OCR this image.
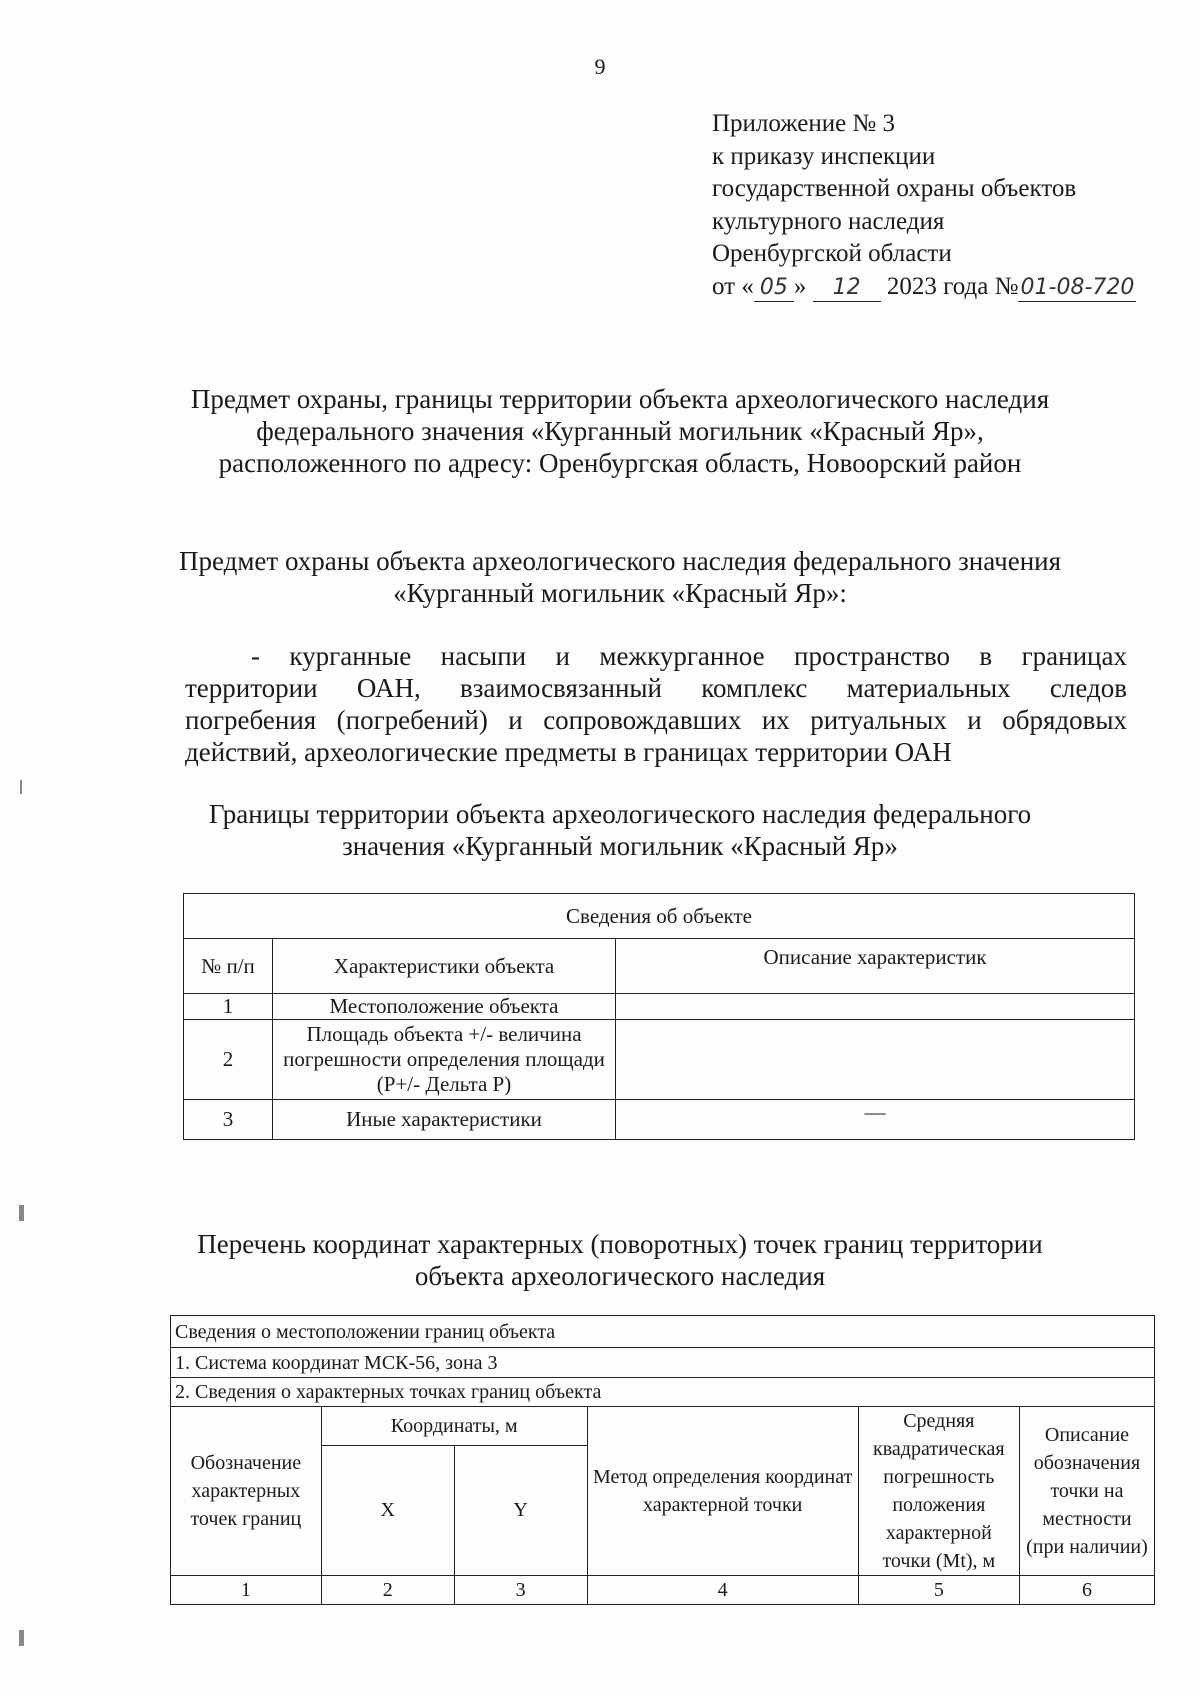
9
Приложение № 3
к приказу инспекции
государственной охраны объектов
культурного наследия
Оренбургской области
от « 05 » 12 2023 года №01-08-720
Предмет охраны, границы территории объекта археологического наследия
федерального значения «Курганный могильник «Красный Яр»,
расположенного по адресу: Оренбургская область, Новоорский район
Предмет охраны объекта археологического наследия федерального значения
«Курганный могильник «Красный Яр»:
- курганные насыпи и межкурганное пространство в границах
территории ОАН, взаимосвязанный комплекс материальных следов
погребения (погребений) и сопровождавших их ритуальных и обрядовых
действий, археологические предметы в границах территории ОАН
Границы территории объекта археологического наследия федерального
значения «Курганный могильник «Красный Яр»
Сведения об объекте		
№ п/п	Характеристики объекта	Описание характеристик
1	Местоположение объекта	
2	Площадь объекта +/- величина погрешности определения площади (P+/- Дельта P)	
3	Иные характеристики	—
Перечень координат характерных (поворотных) точек границ территории
объекта археологического наследия
Сведения о местоположении границ объекта					
1. Система координат МСК-56, зона 3					
2. Сведения о характерных точках границ объекта					
Обозначение характерных точек границ	Координаты, м		Метод определения координат характерной точки	Средняя квадратическая погрешность положения характерной точки (Mt), м	Описание обозначения точки на местности (при наличии)
	X	Y			
1	2	3	4	5	6
